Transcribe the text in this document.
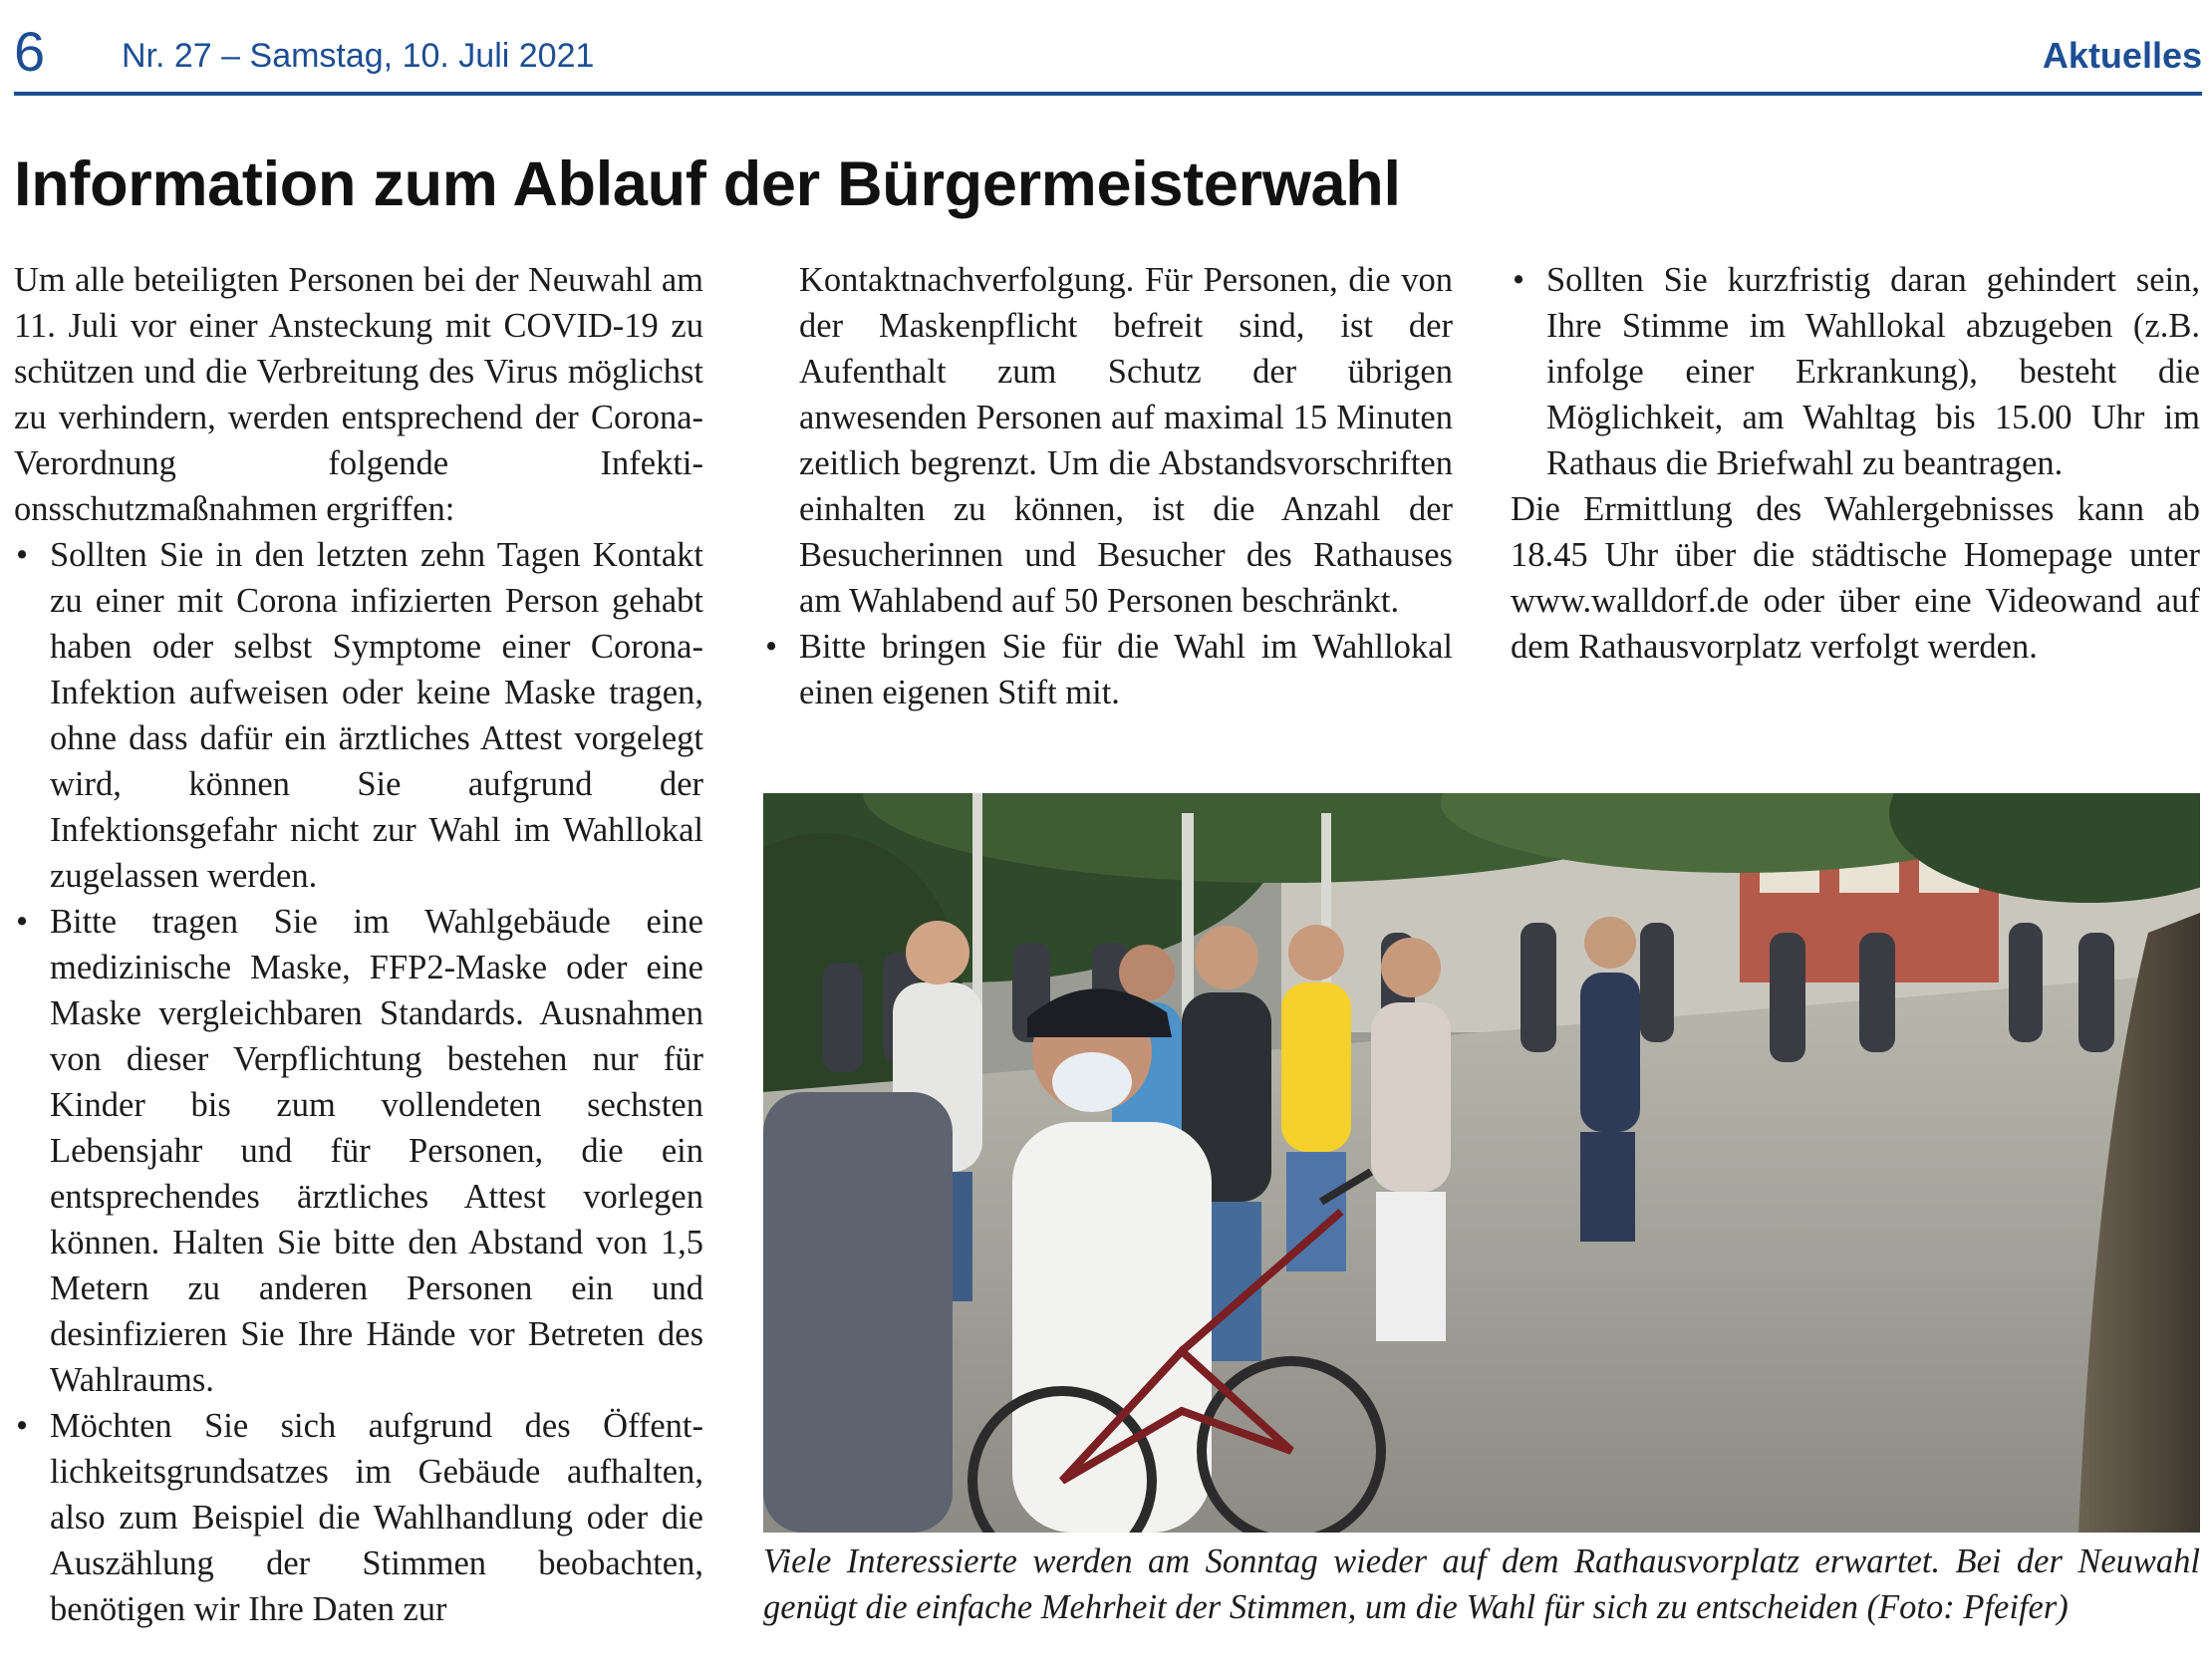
6 Nr. 27 – Samstag, 10. Juli 2021	Aktuelles
Information zum Ablauf der Bürgermeisterwahl

Um alle beteiligten Personen bei der Neuwahl am 11. Juli vor einer Ansteckung mit COVID-19 zu schützen und die Verbreitung des Virus möglichst zu verhindern, werden entsprechend der Corona-Verordnung folgende Infektionsschutzmaßnahmen ergriffen:

• Sollten Sie in den letzten zehn Tagen Kontakt zu einer mit Corona infizierten Person gehabt haben oder selbst Symptome einer Corona-Infektion aufweisen oder keine Maske tragen, ohne dass dafür ein ärztliches Attest vorgelegt wird, können Sie aufgrund der Infektionsgefahr nicht zur Wahl im Wahllokal zugelassen werden.
• Bitte tragen Sie im Wahlgebäude eine medizinische Maske, FFP2-Maske oder eine Maske vergleichbaren Standards. Ausnahmen von dieser Verpflichtung bestehen nur für Kinder bis zum vollendeten sechsten Lebensjahr und für Personen, die ein entsprechendes ärztliches Attest vorlegen können. Halten Sie bitte den Abstand von 1,5 Metern zu anderen Personen ein und desinfizieren Sie Ihre Hände vor Betreten des Wahlraums.
• Möchten Sie sich aufgrund des Öffentlichkeitsgrundsatzes im Gebäude aufhalten, also zum Beispiel die Wahlhandlung oder die Auszählung der Stimmen beobachten, benötigen wir Ihre Daten zur

Kontaktnachverfolgung. Für Personen, die von der Maskenpflicht befreit sind, ist der Aufenthalt zum Schutz der übrigen anwesenden Personen auf maximal 15 Minuten zeitlich begrenzt. Um die Abstandsvorschriften einhalten zu können, ist die Anzahl der Besucherinnen und Besucher des Rathauses am Wahlabend auf 50 Personen beschränkt.

• Bitte bringen Sie für die Wahl im Wahllokal einen eigenen Stift mit.
• Sollten Sie kurzfristig daran gehindert sein, Ihre Stimme im Wahllokal abzugeben (z.B. infolge einer Erkrankung), besteht die Möglichkeit, am Wahltag bis 15.00 Uhr im Rathaus die Briefwahl zu beantragen.

Die Ermittlung des Wahlergebnisses kann ab 18.45 Uhr über die städtische Homepage unter www.walldorf.de oder über eine Videowand auf dem Rathausvorplatz verfolgt werden.

Viele Interessierte werden am Sonntag wieder auf dem Rathausvorplatz erwartet. Bei der Neuwahl genügt die einfache Mehrheit der Stimmen, um die Wahl für sich zu entscheiden (Foto: Pfeifer)
